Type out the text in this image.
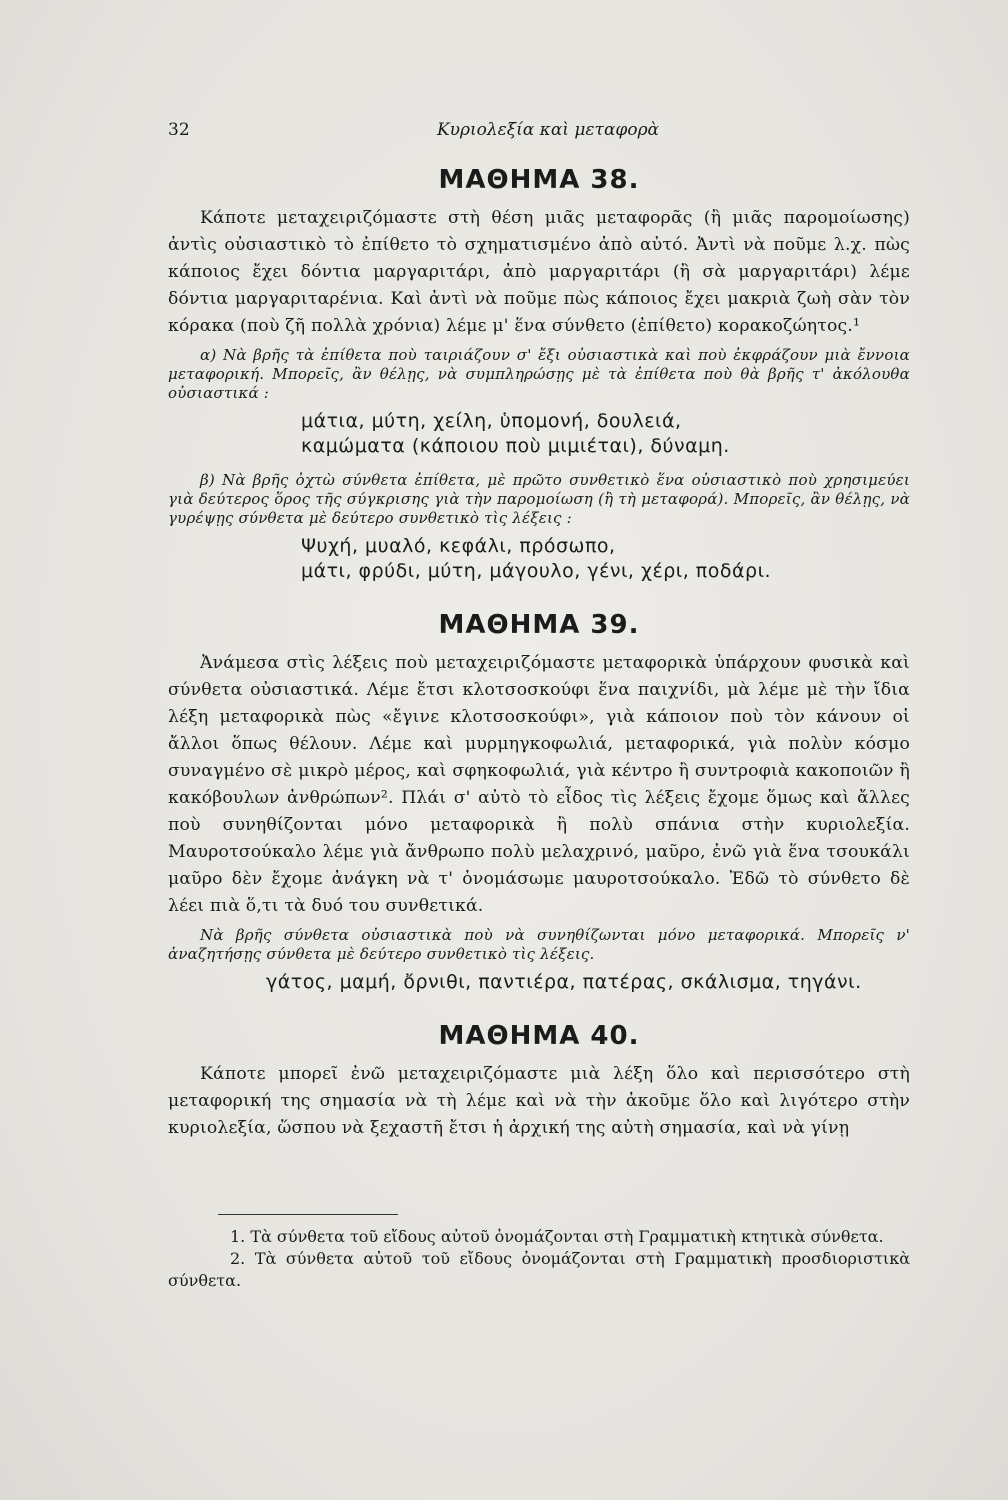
32	Κυριολεξία καὶ μεταφορὰ
ΜΑΘΗΜΑ 38.

Κάποτε μεταχειριζόμαστε στὴ θέση μιᾶς μεταφορᾶς (ἢ μιᾶς παρομοίωσης) ἀντὶς οὐσιαστικὸ τὸ ἐπίθετο τὸ σχηματισμένο ἀπὸ αὐτό. Ἀντὶ νὰ ποῦμε λ.χ. πὼς κάποιος ἔχει δόντια μαργαριτάρι, ἀπὸ μαργαριτάρι (ἢ σὰ μαργαριτάρι) λέμε δόντια μαργαριταρένια. Καὶ ἀντὶ νὰ ποῦμε πὼς κάποιος ἔχει μακριὰ ζωὴ σὰν τὸν κόρακα (ποὺ ζῆ πολλὰ χρόνια) λέμε μ' ἕνα σύνθετο (ἐπίθετο) κορακοζώητος.¹

α) Νὰ βρῆς τὰ ἐπίθετα ποὺ ταιριάζουν σ' ἔξι οὐσιαστικὰ καὶ ποὺ ἐκφράζουν μιὰ ἔννοια μεταφορική. Μπορεῖς, ἂν θέλῃς, νὰ συμπληρώσῃς μὲ τὰ ἐπίθετα ποὺ θὰ βρῆς τ' ἀκόλουθα οὐσιαστικά :

μάτια, μύτη, χείλη, ὑπομονή, δουλειά,

καμώματα (κάποιου ποὺ μιμιέται), δύναμη.

β) Νὰ βρῆς ὀχτὼ σύνθετα ἐπίθετα, μὲ πρῶτο συνθετικὸ ἕνα οὐσιαστικὸ ποὺ χρησιμεύει γιὰ δεύτερος ὅρος τῆς σύγκρισης γιὰ τὴν παρομοίωση (ἢ τὴ μεταφορά). Μπορεῖς, ἂν θέλῃς, νὰ γυρέψῃς σύνθετα μὲ δεύτερο συνθετικὸ τὶς λέξεις :

Ψυχή, μυαλό, κεφάλι, πρόσωπο,

μάτι, φρύδι, μύτη, μάγουλο, γένι, χέρι, ποδάρι.

ΜΑΘΗΜΑ 39.

Ἀνάμεσα στὶς λέξεις ποὺ μεταχειριζόμαστε μεταφορικὰ ὑπάρχουν φυσικὰ καὶ σύνθετα οὐσιαστικά. Λέμε ἔτσι κλοτσοσκούφι ἕνα παιχνίδι, μὰ λέμε μὲ τὴν ἴδια λέξη μεταφορικὰ πὼς «ἔγινε κλοτσοσκούφι», γιὰ κάποιον ποὺ τὸν κάνουν οἱ ἄλλοι ὅπως θέλουν. Λέμε καὶ μυρμηγκοφωλιά, μεταφορικά, γιὰ πολὺν κόσμο συναγμένο σὲ μικρὸ μέρος, καὶ σφηκοφωλιά, γιὰ κέντρο ἢ συντροφιὰ κακοποιῶν ἢ κακόβουλων ἀνθρώπων². Πλάι σ' αὐτὸ τὸ εἶδος τὶς λέξεις ἔχομε ὅμως καὶ ἄλλες ποὺ συνηθίζονται μόνο μεταφορικὰ ἢ πολὺ σπάνια στὴν κυριολεξία. Μαυροτσούκαλο λέμε γιὰ ἄνθρωπο πολὺ μελαχρινό, μαῦρο, ἐνῶ γιὰ ἕνα τσουκάλι μαῦρο δὲν ἔχομε ἀνάγκη νὰ τ' ὀνομάσωμε μαυροτσούκαλο. Ἐδῶ τὸ σύνθετο δὲ λέει πιὰ ὅ,τι τὰ δυό του συνθετικά.

Νὰ βρῆς σύνθετα οὐσιαστικὰ ποὺ νὰ συνηθίζωνται μόνο μεταφορικά. Μπορεῖς ν' ἀναζητήσῃς σύνθετα μὲ δεύτερο συνθετικὸ τὶς λέξεις.

γάτος, μαμή, ὄρνιθι, παντιέρα, πατέρας, σκάλισμα, τηγάνι.

ΜΑΘΗΜΑ 40.

Κάποτε μπορεῖ ἐνῶ μεταχειριζόμαστε μιὰ λέξη ὅλο καὶ περισσότερο στὴ μεταφορική της σημασία νὰ τὴ λέμε καὶ νὰ τὴν ἀκοῦμε ὅλο καὶ λιγότερο στὴν κυριολεξία, ὥσπου νὰ ξεχαστῆ ἔτσι ἡ ἀρχική της αὐτὴ σημασία, καὶ νὰ γίνῃ

1. Τὰ σύνθετα τοῦ εἴδους αὐτοῦ ὀνομάζονται στὴ Γραμματικὴ κτητικὰ σύνθετα.

2. Τὰ σύνθετα αὐτοῦ τοῦ εἴδους ὀνομάζονται στὴ Γραμματικὴ προσδιοριστικὰ σύνθετα.
